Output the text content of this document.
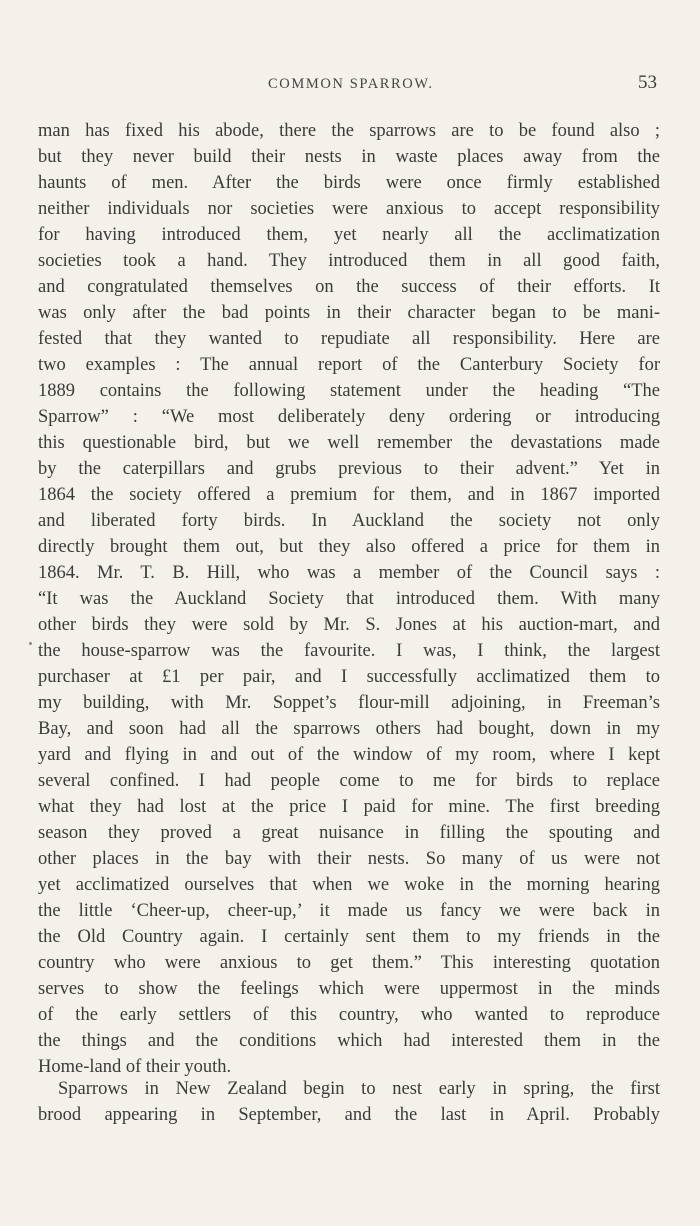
COMMON SPARROW.	53
man has fixed his abode, there the sparrows are to be found also ;
but they never build their nests in waste places away from the
haunts of men. After the birds were once firmly established
neither individuals nor societies were anxious to accept responsibility
for having introduced them, yet nearly all the acclimatization
societies took a hand. They introduced them in all good faith,
and congratulated themselves on the success of their efforts. It
was only after the bad points in their character began to be mani-
fested that they wanted to repudiate all responsibility. Here are
two examples : The annual report of the Canterbury Society for
1889 contains the following statement under the heading “The
Sparrow” : “We most deliberately deny ordering or introducing
this questionable bird, but we well remember the devastations made
by the caterpillars and grubs previous to their advent.” Yet in
1864 the society offered a premium for them, and in 1867 imported
and liberated forty birds. In Auckland the society not only
directly brought them out, but they also offered a price for them in
1864. Mr. T. B. Hill, who was a member of the Council says :
“It was the Auckland Society that introduced them. With many
other birds they were sold by Mr. S. Jones at his auction-mart, and
the house-sparrow was the favourite. I was, I think, the largest
purchaser at £1 per pair, and I successfully acclimatized them to
my building, with Mr. Soppet’s flour-mill adjoining, in Freeman’s
Bay, and soon had all the sparrows others had bought, down in my
yard and flying in and out of the window of my room, where I kept
several confined. I had people come to me for birds to replace
what they had lost at the price I paid for mine. The first breeding
season they proved a great nuisance in filling the spouting and
other places in the bay with their nests. So many of us were not
yet acclimatized ourselves that when we woke in the morning hearing
the little ‘Cheer-up, cheer-up,’ it made us fancy we were back in
the Old Country again. I certainly sent them to my friends in the
country who were anxious to get them.” This interesting quotation
serves to show the feelings which were uppermost in the minds
of the early settlers of this country, who wanted to reproduce
the things and the conditions which had interested them in the
Home-land of their youth.
Sparrows in New Zealand begin to nest early in spring, the first
brood appearing in September, and the last in April. Probably
